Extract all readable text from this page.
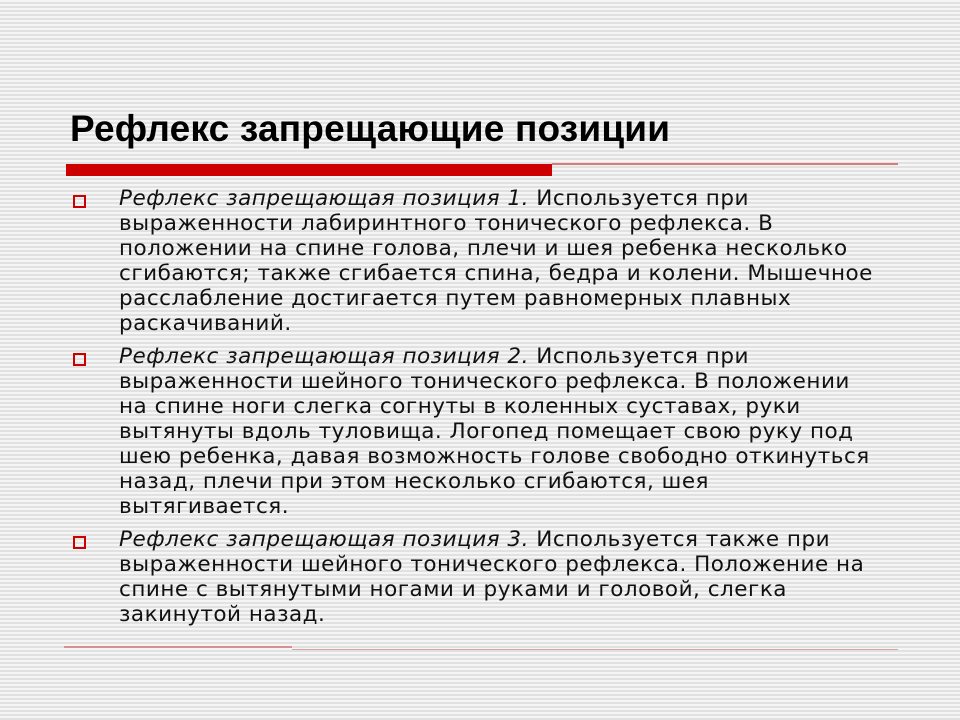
Рефлекс запрещающие позиции
Рефлекс запрещающая позиция 1. Используется при выраженности лабиринтного тонического рефлекса. В положении на спине голова, плечи и шея ребенка несколько сгибаются; также сгибается спина, бедра и колени. Мышечное расслабление достигается путем равномерных плавных раскачиваний.
Рефлекс запрещающая позиция 2. Используется при выраженности шейного тонического рефлекса. В положении на спине ноги слегка согнуты в коленных суставах, руки вытянуты вдоль туловища. Логопед помещает свою руку под шею ребенка, давая возможность голове свободно откинуться назад, плечи при этом несколько сгибаются, шея вытягивается.
Рефлекс запрещающая позиция 3. Используется также при выраженности шейного тонического рефлекса. Положение на спине с вытянутыми ногами и руками и головой, слегка закинутой назад.
